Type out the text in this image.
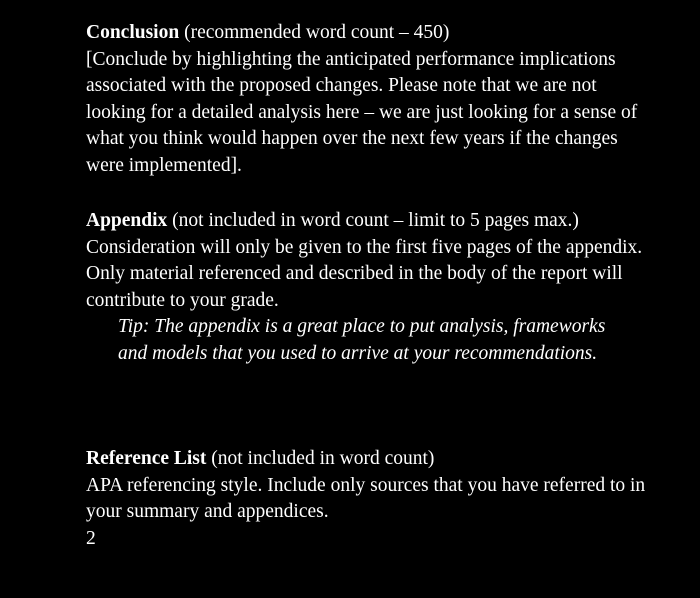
Conclusion (recommended word count – 450)

[Conclude by highlighting the anticipated performance implications associated with the proposed changes. Please note that we are not looking for a detailed analysis here – we are just looking for a sense of what you think would happen over the next few years if the changes were implemented].

Appendix (not included in word count – limit to 5 pages max.)

Consideration will only be given to the first five pages of the appendix. Only material referenced and described in the body of the report will contribute to your grade.

Tip: The appendix is a great place to put analysis, frameworks and models that you used to arrive at your recommendations.

Reference List (not included in word count)

APA referencing style. Include only sources that you have referred to in your summary and appendices.

2
